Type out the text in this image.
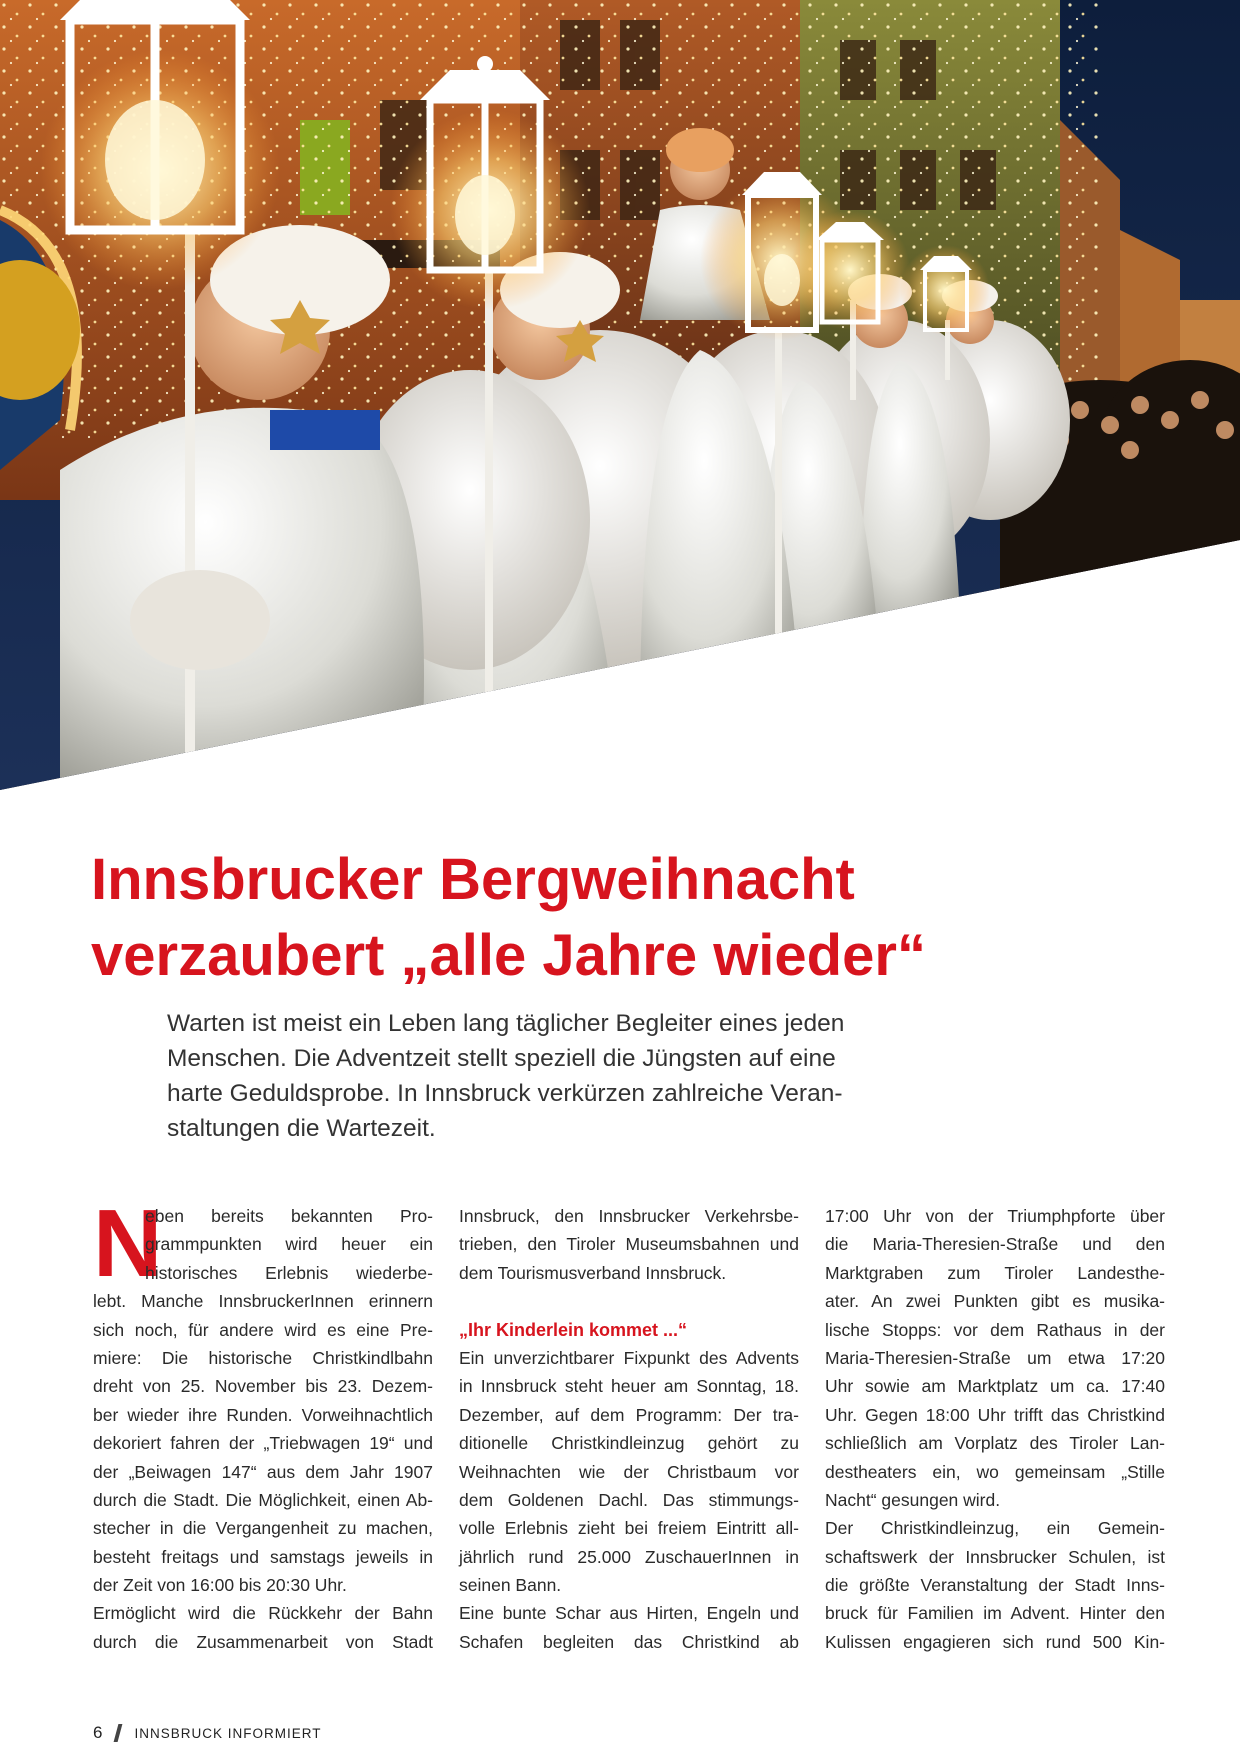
Innsbrucker Bergweihnacht
verzaubert „alle Jahre wieder“

Warten ist meist ein Leben lang täglicher Begleiter eines jeden
Menschen. Die Adventzeit stellt speziell die Jüngsten auf eine
harte Geduldsprobe. In Innsbruck verkürzen zahlreiche Veran-
staltungen die Wartezeit.

N
eben bereits bekannten Pro-
grammpunkten wird heuer ein
historisches Erlebnis wiederbe-
lebt. Manche InnsbruckerInnen erinnern
sich noch, für andere wird es eine Pre-
miere: Die historische Christkindlbahn
dreht von 25. November bis 23. Dezem-
ber wieder ihre Runden. Vorweihnachtlich
dekoriert fahren der „Triebwagen 19“ und
der „Beiwagen 147“ aus dem Jahr 1907
durch die Stadt. Die Möglichkeit, einen Ab-
stecher in die Vergangenheit zu machen,
besteht freitags und samstags jeweils in
der Zeit von 16:00 bis 20:30 Uhr.
Ermöglicht wird die Rückkehr der Bahn
durch die Zusammenarbeit von Stadt
Innsbruck, den Innsbrucker Verkehrsbe-
trieben, den Tiroler Museumsbahnen und
dem Tourismusverband Innsbruck.
„Ihr Kinderlein kommet ...“
Ein unverzichtbarer Fixpunkt des Advents
in Innsbruck steht heuer am Sonntag, 18.
Dezember, auf dem Programm: Der tra-
ditionelle Christkindleinzug gehört zu
Weihnachten wie der Christbaum vor
dem Goldenen Dachl. Das stimmungs-
volle Erlebnis zieht bei freiem Eintritt all-
jährlich rund 25.000 ZuschauerInnen in
seinen Bann.
Eine bunte Schar aus Hirten, Engeln und
Schafen begleiten das Christkind ab
17:00 Uhr von der Triumphpforte über
die Maria-Theresien-Straße und den
Marktgraben zum Tiroler Landesthe-
ater. An zwei Punkten gibt es musika-
lische Stopps: vor dem Rathaus in der
Maria-Theresien-Straße um etwa 17:20
Uhr sowie am Marktplatz um ca. 17:40
Uhr. Gegen 18:00 Uhr trifft das Christkind
schließlich am Vorplatz des Tiroler Lan-
destheaters ein, wo gemeinsam „Stille
Nacht“ gesungen wird.
Der Christkindleinzug, ein Gemein-
schaftswerk der Innsbrucker Schulen, ist
die größte Veranstaltung der Stadt Inns-
bruck für Familien im Advent. Hinter den
Kulissen engagieren sich rund 500 Kin-
6 INNSBRUCK INFORMIERT
